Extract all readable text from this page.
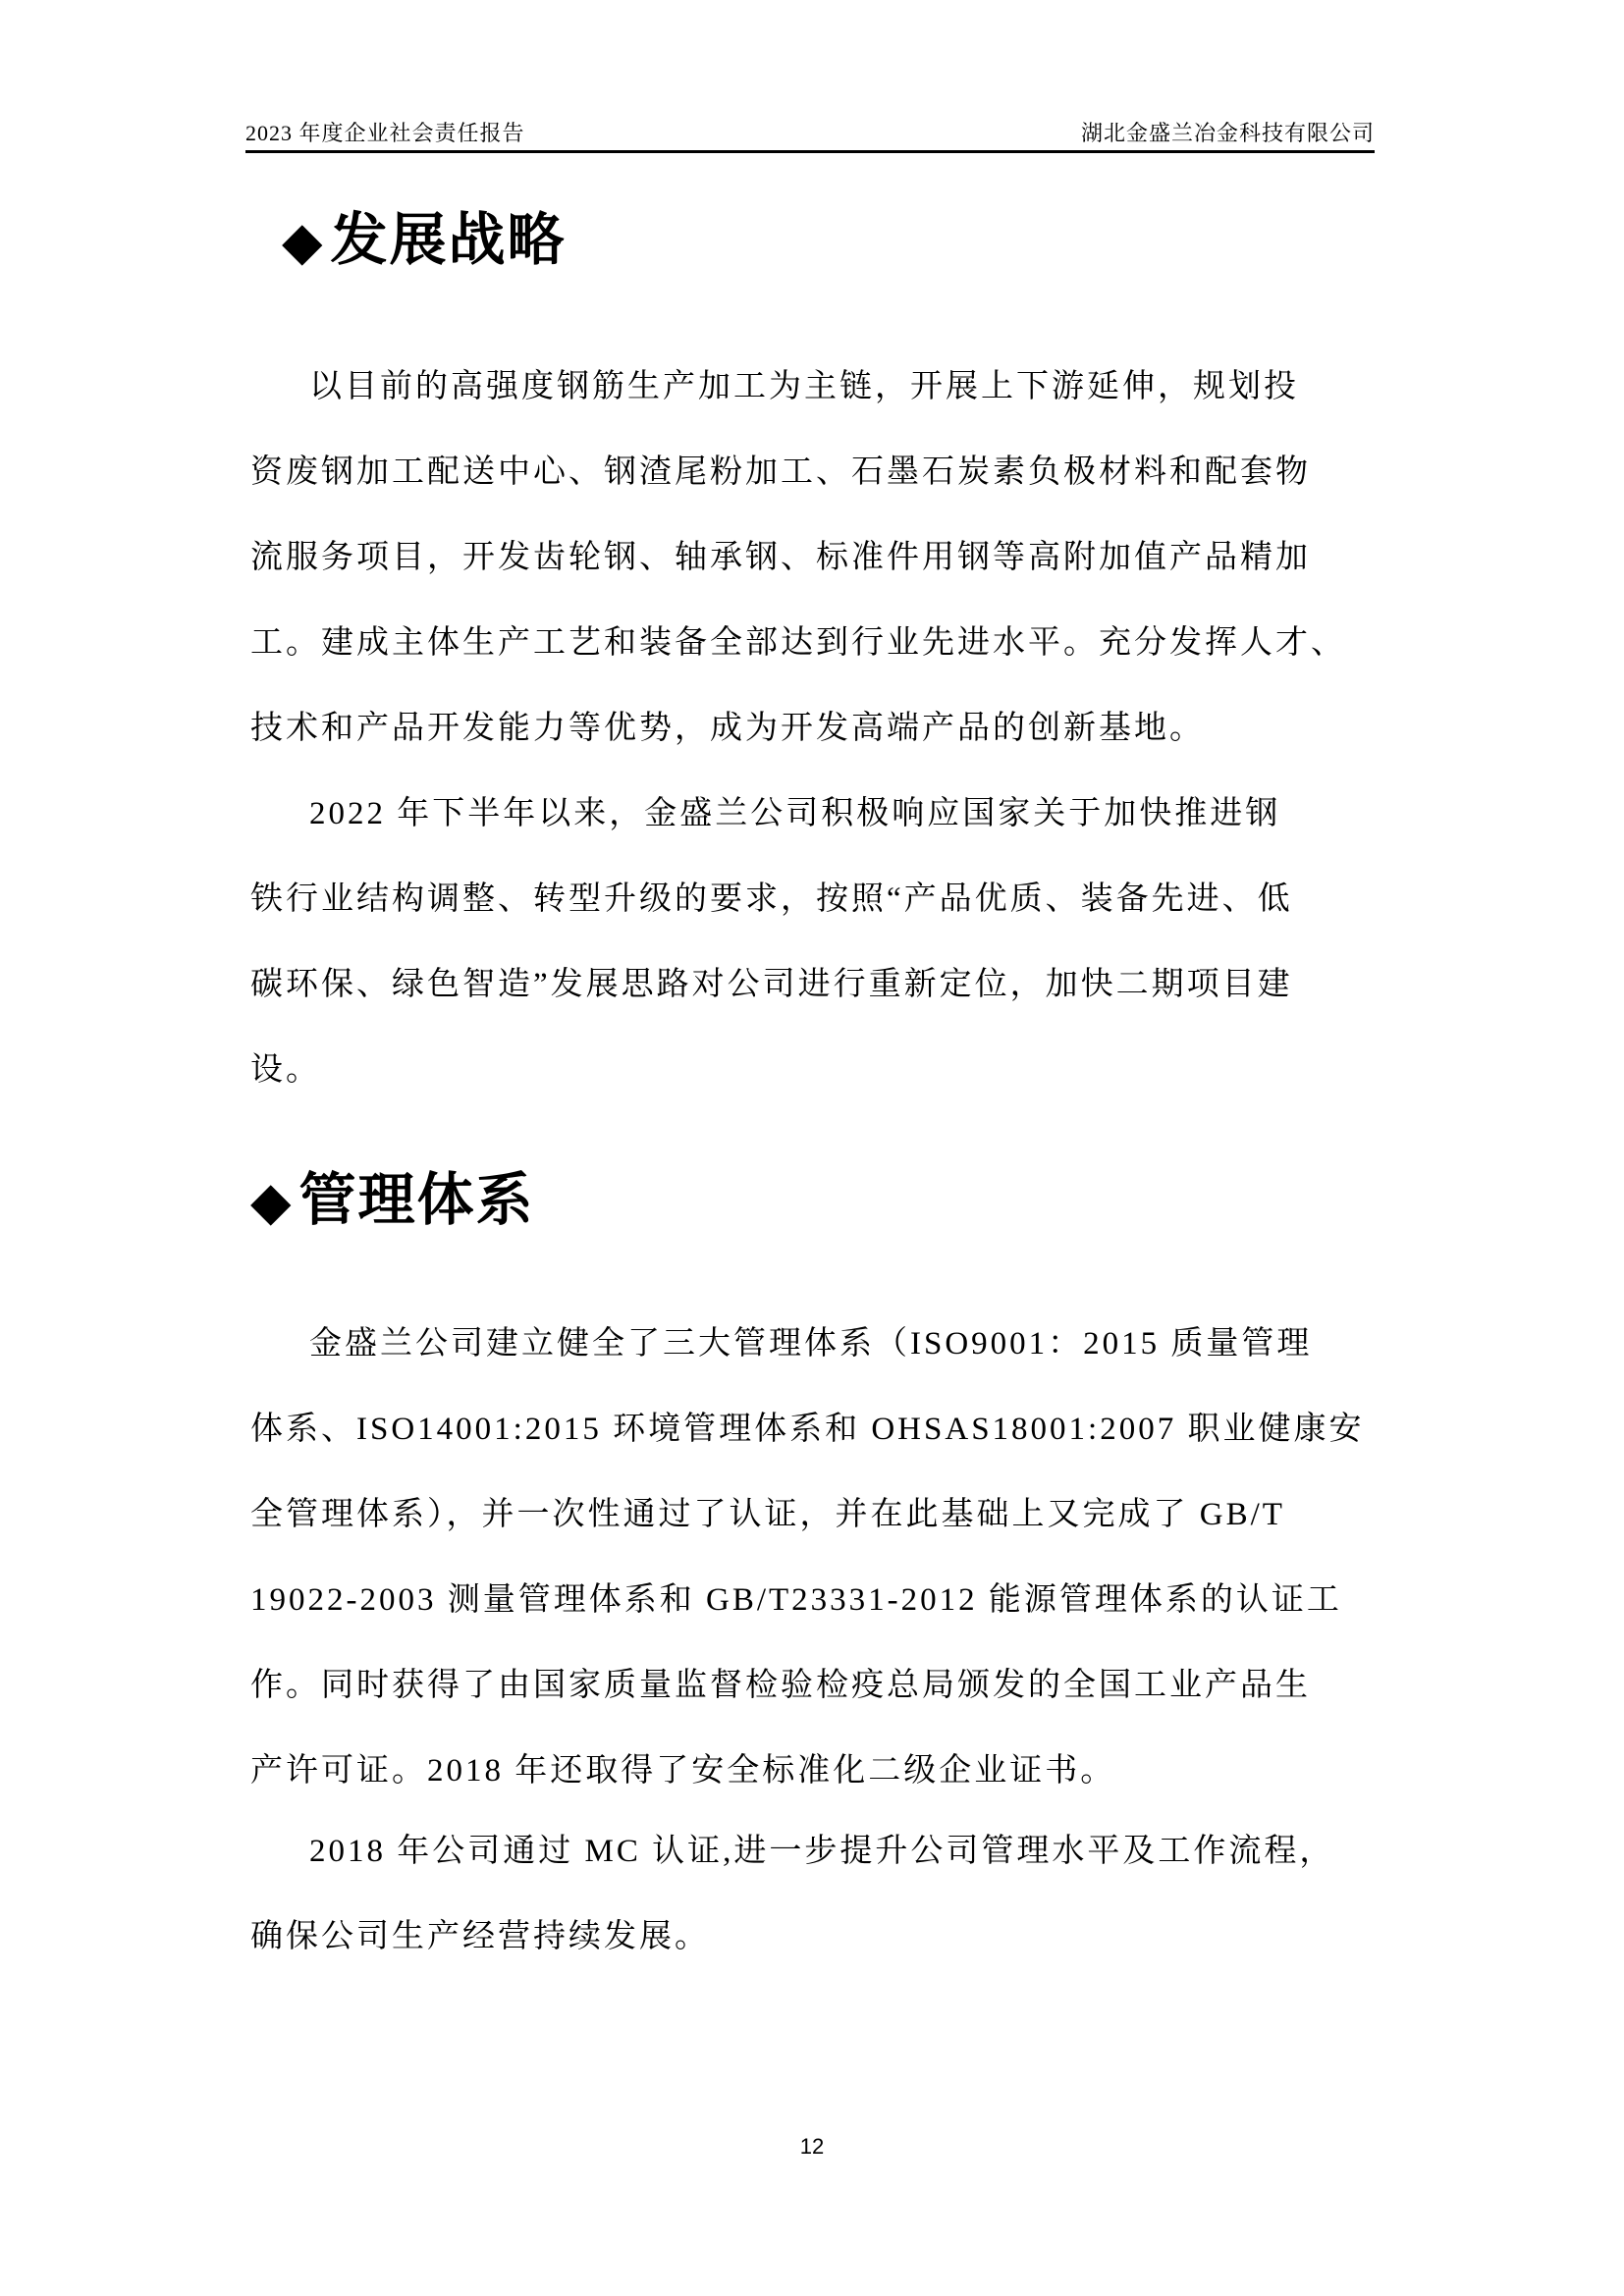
2023 年度企业社会责任报告	湖北金盛兰冶金科技有限公司
◆ 发展战略
以目前的高强度钢筋生产加工为主链，开展上下游延伸，规划投
资废钢加工配送中心、钢渣尾粉加工、石墨石炭素负极材料和配套物
流服务项目，开发齿轮钢、轴承钢、标准件用钢等高附加值产品精加
工。建成主体生产工艺和装备全部达到行业先进水平。充分发挥人才、
技术和产品开发能力等优势，成为开发高端产品的创新基地。
2022 年下半年以来，金盛兰公司积极响应国家关于加快推进钢
铁行业结构调整、转型升级的要求，按照“产品优质、装备先进、低
碳环保、绿色智造”发展思路对公司进行重新定位，加快二期项目建
设。
◆ 管理体系
金盛兰公司建立健全了三大管理体系（ISO9001：2015 质量管理
体系、ISO14001:2015 环境管理体系和 OHSAS18001:2007 职业健康安
全管理体系），并一次性通过了认证，并在此基础上又完成了 GB/T
19022-2003 测量管理体系和 GB/T23331-2012 能源管理体系的认证工
作。同时获得了由国家质量监督检验检疫总局颁发的全国工业产品生
产许可证。2018 年还取得了安全标准化二级企业证书。
2018 年公司通过 MC 认证,进一步提升公司管理水平及工作流程，
确保公司生产经营持续发展。
12
